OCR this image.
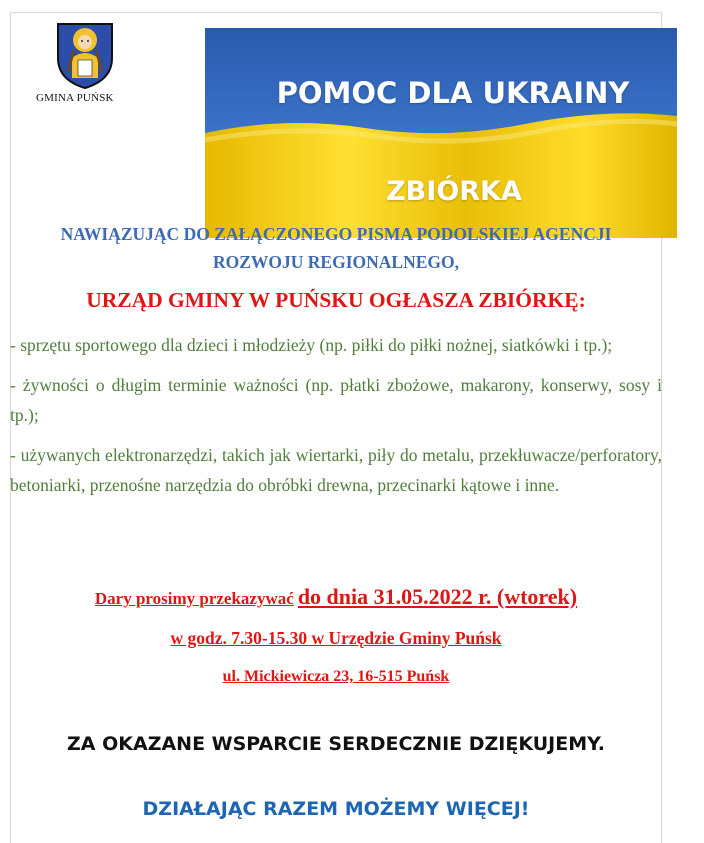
GMINA PUŃSK	POMOC DLA UKRAINY
ZBIÓRKA
NAWIĄZUJĄC DO ZAŁĄCZONEGO PISMA PODOLSKIEJ AGENCJI
ROZWOJU REGIONALNEGO,
URZĄD GMINY W PUŃSKU OGŁASZA ZBIÓRKĘ:
- sprzętu sportowego dla dzieci i młodzieży (np. piłki do piłki nożnej, siatkówki i tp.);
- żywności o długim terminie ważności (np. płatki zbożowe, makarony, konserwy, sosy i tp.);
- używanych elektronarzędzi, takich jak wiertarki, piły do metalu, przekłuwacze/perforatory, betoniarki, przenośne narzędzia do obróbki drewna, przecinarki kątowe i inne.
Dary prosimy przekazywać do dnia 31.05.2022 r. (wtorek)
w godz. 7.30-15.30 w Urzędzie Gminy Puńsk
ul. Mickiewicza 23, 16-515 Puńsk
ZA OKAZANE WSPARCIE SERDECZNIE DZIĘKUJEMY.
DZIAŁAJĄC RAZEM MOŻEMY WIĘCEJ!
